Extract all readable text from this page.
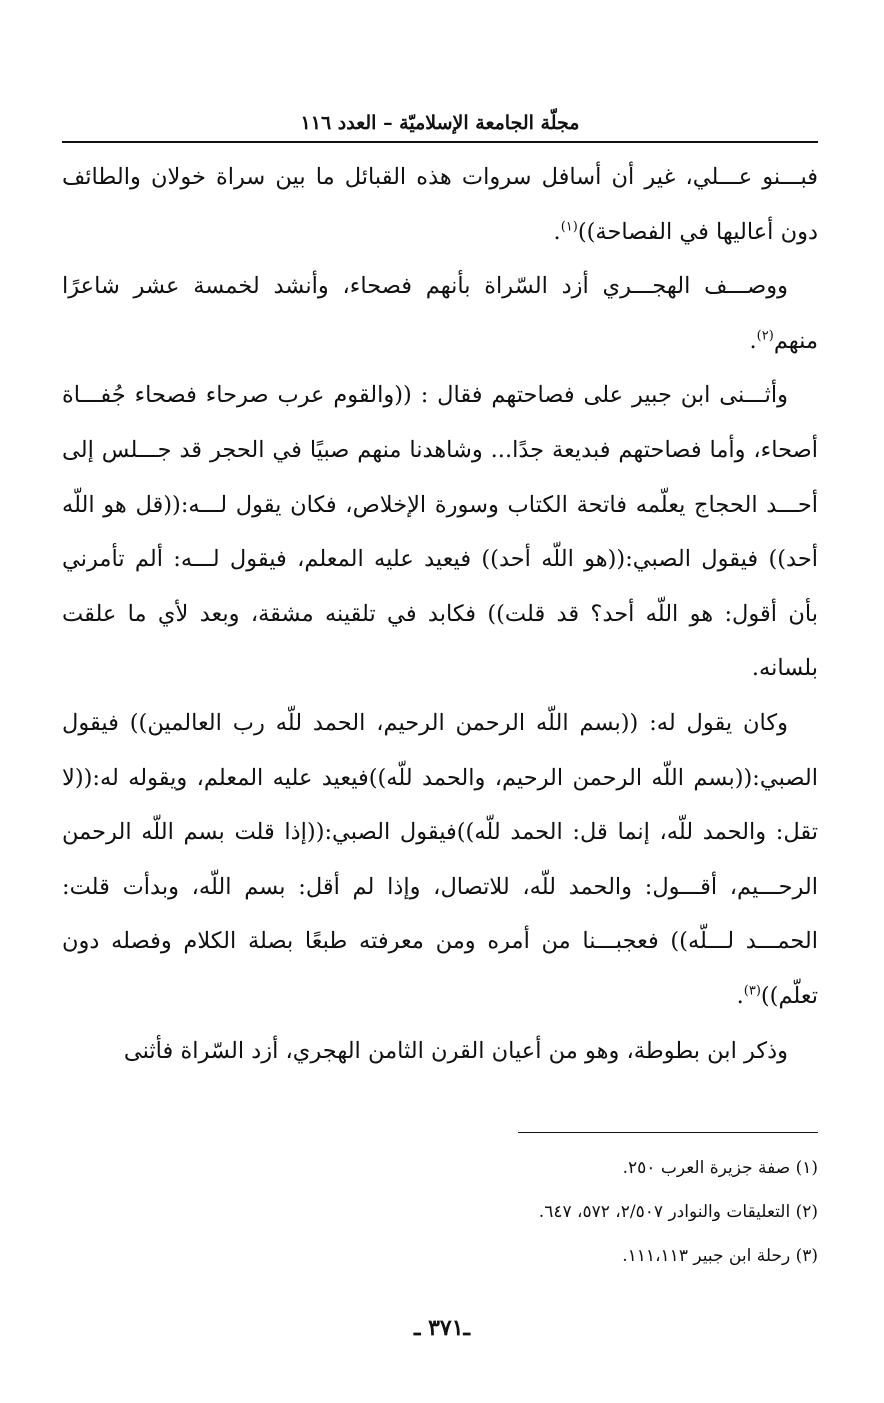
مجلّة الجامعة الإسلاميّة – العدد ١١٦

فبـــنو عـــلي، غير أن أسافل سروات هذه القبائل ما بين سراة خولان والطائف دون أعاليها في الفصاحة))$^{(١)}$.

ووصـــف الهجـــري أزد السّراة بأنهم فصحاء، وأنشد لخمسة عشر شاعرًا منهم$^{(٢)}$.

وأثـــنى ابن جبير على فصاحتهم فقال : ((والقوم عرب صرحاء فصحاء جُفـــاة أصحاء، وأما فصاحتهم فبديعة جدًا... وشاهدنا منهم صبيًا في الحجر قد جـــلس إلى أحـــد الحجاج يعلّمه فاتحة الكتاب وسورة الإخلاص، فكان يقول لـــه:((قل هو اللّه أحد)) فيقول الصبي:((هو اللّه أحد)) فيعيد عليه المعلم، فيقول لـــه: ألم تأمرني بأن أقول: هو اللّه أحد؟ قد قلت)) فكابد في تلقينه مشقة، وبعد لأي ما علقت بلسانه.

وكان يقول له: ((بسم اللّه الرحمن الرحيم، الحمد للّه رب العالمين)) فيقول الصبي:((بسم اللّه الرحمن الرحيم، والحمد للّه))فيعيد عليه المعلم، ويقوله له:((لا تقل: والحمد للّه، إنما قل: الحمد للّه))فيقول الصبي:((إذا قلت بسم اللّه الرحمن الرحـــيم، أقـــول: والحمد للّه، للاتصال، وإذا لم أقل: بسم اللّه، وبدأت قلت: الحمـــد لـــلّه)) فعجبـــنا من أمره ومن معرفته طبعًا بصلة الكلام وفصله دون تعلّم))$^{(٣)}$.

وذكر ابن بطوطة، وهو من أعيان القرن الثامن الهجري، أزد السّراة فأثنى

(١) صفة جزيرة العرب ٢٥٠.
(٢) التعليقات والنوادر ٢/٥٠٧، ٥٧٢، ٦٤٧.
(٣) رحلة ابن جبير ١١١،١١٣.
ـ٣٧١ ـ
